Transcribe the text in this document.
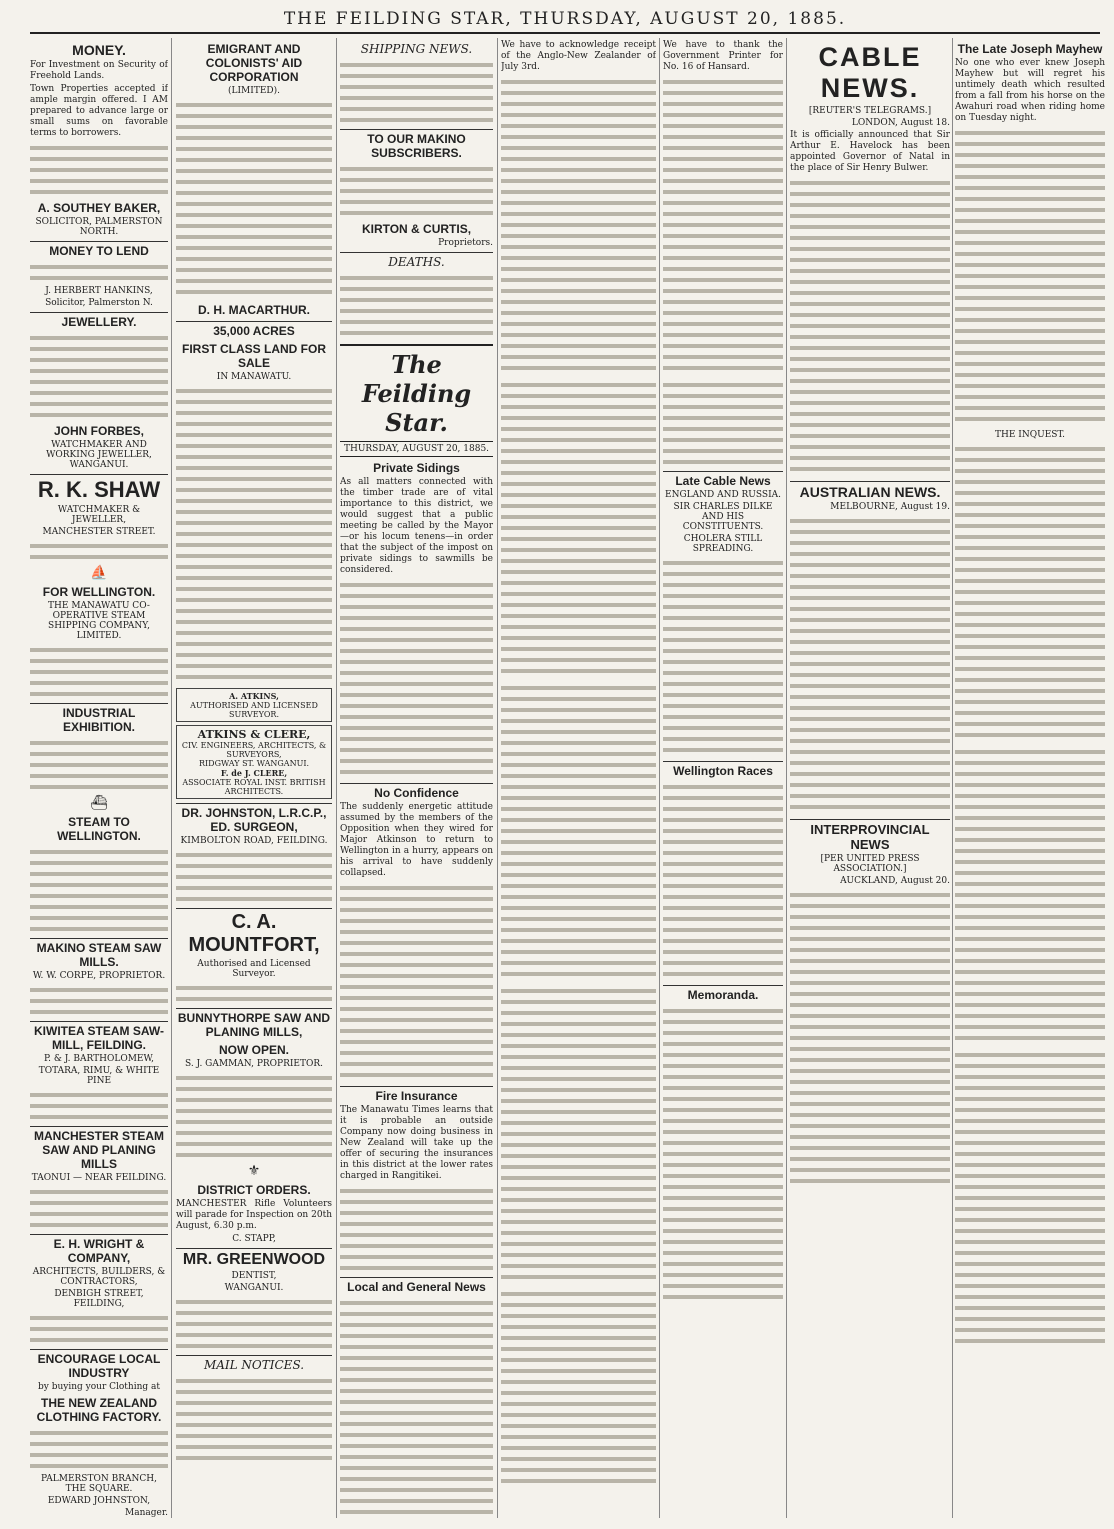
THE FEILDING STAR, THURSDAY, AUGUST 20, 1885.
MONEY.
For Investment on Security of Freehold Lands.
Town Properties accepted if ample margin offered. I AM prepared to advance large or small sums on favorable terms to borrowers.
A. SOUTHEY BAKER,
SOLICITOR, PALMERSTON NORTH.
MONEY TO LEND
J. HERBERT HANKINS,
Solicitor, Palmerston N.
JEWELLERY.
JOHN FORBES,
WATCHMAKER AND WORKING JEWELLER, WANGANUI.
R. K. SHAW
WATCHMAKER & JEWELLER,
MANCHESTER STREET.
⛵
FOR WELLINGTON.
THE MANAWATU CO-OPERATIVE STEAM SHIPPING COMPANY, LIMITED.
INDUSTRIAL EXHIBITION.
⛴
STEAM TO WELLINGTON.
MAKINO STEAM SAW MILLS.
W. W. CORPE, PROPRIETOR.
KIWITEA STEAM SAW-MILL, FEILDING.
P. & J. BARTHOLOMEW,
TOTARA, RIMU, & WHITE PINE
MANCHESTER STEAM SAW AND PLANING MILLS
TAONUI — NEAR FEILDING.
E. H. WRIGHT & COMPANY,
ARCHITECTS, BUILDERS, & CONTRACTORS,
DENBIGH STREET, FEILDING,
ENCOURAGE LOCAL INDUSTRY
by buying your Clothing at
THE NEW ZEALAND CLOTHING FACTORY.
PALMERSTON BRANCH, THE SQUARE.
EDWARD JOHNSTON,
Manager.
EMIGRANT AND COLONISTS' AID CORPORATION
(LIMITED).
D. H. MACARTHUR.
35,000 ACRES
FIRST CLASS LAND FOR SALE
IN MANAWATU.
A. ATKINS,
AUTHORISED AND LICENSED SURVEYOR.
ATKINS & CLERE,
CIV. ENGINEERS, ARCHITECTS, & SURVEYORS,
RIDGWAY ST. WANGANUI.
F. de J. CLERE,
ASSOCIATE ROYAL INST. BRITISH ARCHITECTS.
DR. JOHNSTON, L.R.C.P., ED. SURGEON,
KIMBOLTON ROAD, FEILDING.
C. A. MOUNTFORT,
Authorised and Licensed Surveyor.
BUNNYTHORPE SAW AND PLANING MILLS,
NOW OPEN.
S. J. GAMMAN, PROPRIETOR.
⚜
DISTRICT ORDERS.
MANCHESTER Rifle Volunteers will parade for Inspection on 20th August, 6.30 p.m.
C. STAPP,
MR. GREENWOOD
DENTIST,
WANGANUI.
MAIL NOTICES.
SHIPPING NEWS.
TO OUR MAKINO SUBSCRIBERS.
KIRTON & CURTIS,
Proprietors.
DEATHS.
The Feilding Star.
THURSDAY, AUGUST 20, 1885.
Private Sidings
As all matters connected with the timber trade are of vital importance to this district, we would suggest that a public meeting be called by the Mayor—or his locum tenens—in order that the subject of the impost on private sidings to sawmills be considered.
No Confidence
The suddenly energetic attitude assumed by the members of the Opposition when they wired for Major Atkinson to return to Wellington in a hurry, appears on his arrival to have suddenly collapsed.
Fire Insurance
The Manawatu Times learns that it is probable an outside Company now doing business in New Zealand will take up the offer of securing the insurances in this district at the lower rates charged in Rangitikei.
Local and General News
We have to acknowledge receipt of the Anglo-New Zealander of July 3rd.
We have to thank the Government Printer for No. 16 of Hansard.
Late Cable News
ENGLAND AND RUSSIA.
SIR CHARLES DILKE AND HIS CONSTITUENTS.
CHOLERA STILL SPREADING.
Wellington Races
Memoranda.
CABLE NEWS.
[REUTER'S TELEGRAMS.]
LONDON, August 18.
It is officially announced that Sir Arthur E. Havelock has been appointed Governor of Natal in the place of Sir Henry Bulwer.
AUSTRALIAN NEWS.
MELBOURNE, August 19.
INTERPROVINCIAL NEWS
[PER UNITED PRESS ASSOCIATION.]
AUCKLAND, August 20.
The Late Joseph Mayhew
No one who ever knew Joseph Mayhew but will regret his untimely death which resulted from a fall from his horse on the Awahuri road when riding home on Tuesday night.
THE INQUEST.
